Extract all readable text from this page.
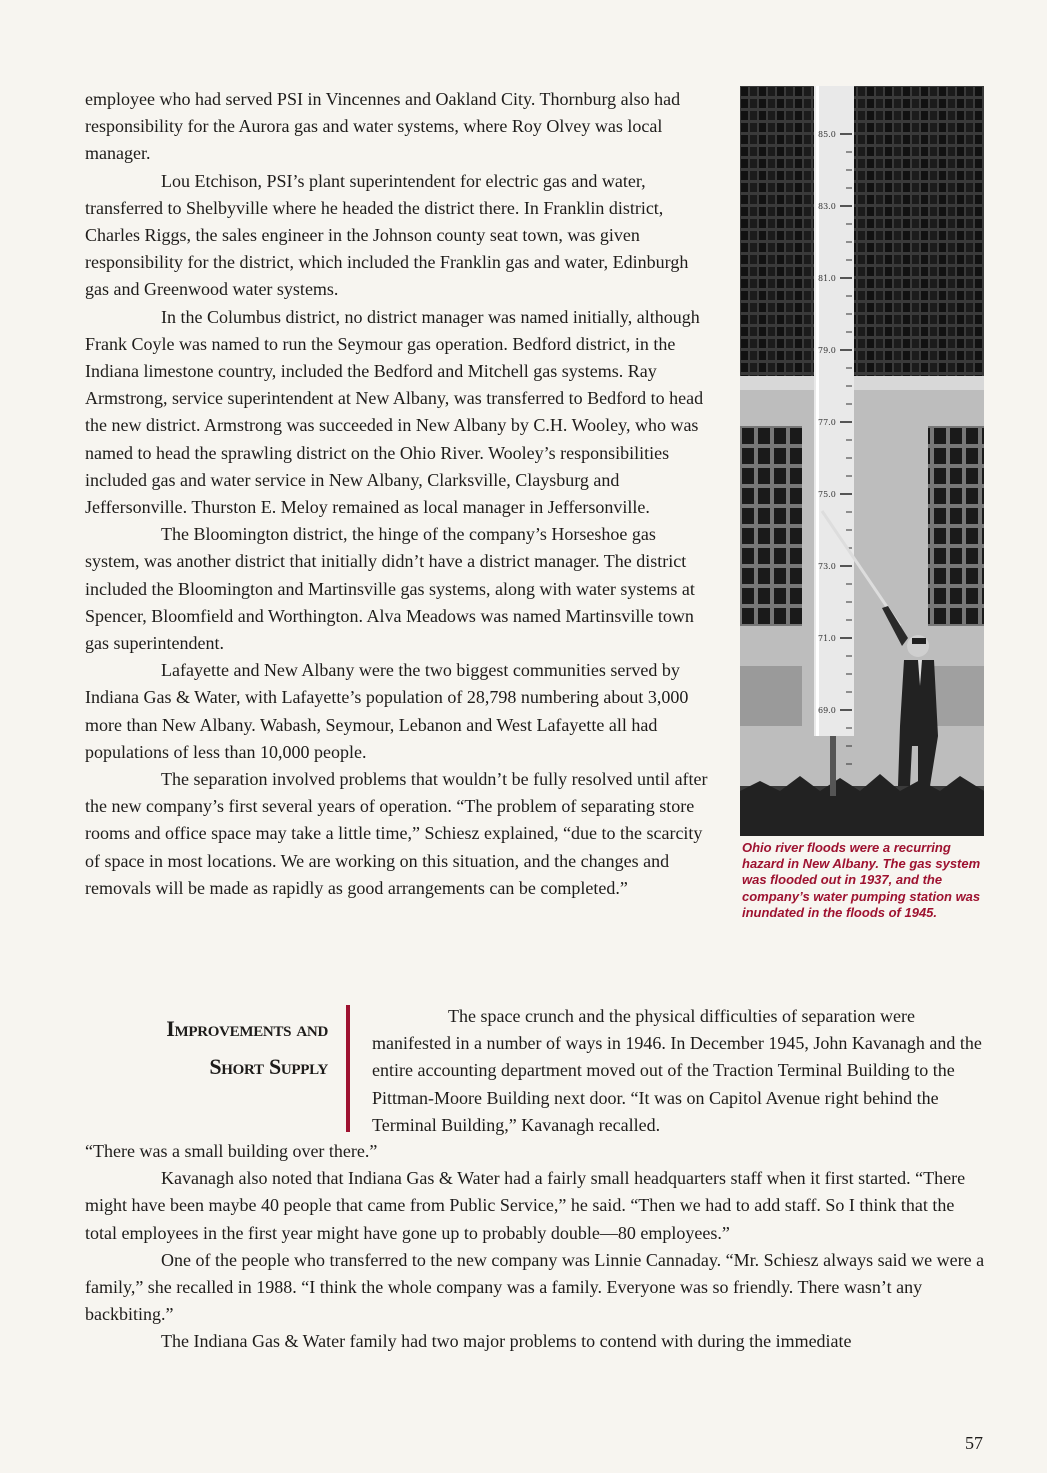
employee who had served PSI in Vincennes and Oakland City. Thornburg also had responsibility for the Aurora gas and water systems, where Roy Olvey was local manager.

Lou Etchison, PSI’s plant superintendent for electric gas and water, transferred to Shelbyville where he headed the district there. In Franklin district, Charles Riggs, the sales engineer in the Johnson county seat town, was given responsibility for the district, which included the Franklin gas and water, Edinburgh gas and Greenwood water systems.

In the Columbus district, no district manager was named initially, although Frank Coyle was named to run the Seymour gas operation. Bedford district, in the Indiana limestone country, included the Bedford and Mitchell gas systems. Ray Armstrong, service superintendent at New Albany, was transferred to Bedford to head the new district. Armstrong was succeeded in New Albany by C.H. Wooley, who was named to head the sprawling district on the Ohio River. Wooley’s responsibilities included gas and water service in New Albany, Clarksville, Claysburg and Jeffersonville. Thurston E. Meloy remained as local manager in Jeffersonville.

The Bloomington district, the hinge of the company’s Horseshoe gas system, was another district that initially didn’t have a district manager. The district included the Bloomington and Martinsville gas systems, along with water systems at Spencer, Bloomfield and Worthington. Alva Meadows was named Martinsville town gas superintendent.

Lafayette and New Albany were the two biggest communities served by Indiana Gas & Water, with Lafayette’s population of 28,798 numbering about 3,000 more than New Albany. Wabash, Seymour, Lebanon and West Lafayette all had populations of less than 10,000 people.

The separation involved problems that wouldn’t be fully resolved until after the new company’s first several years of operation. “The problem of separating store rooms and office space may take a little time,” Schiesz explained, “due to the scarcity of space in most locations. We are working on this situation, and the changes and removals will be made as rapidly as good arrangements can be completed.”

85.0
83.0
81.0
79.0
77.0
75.0
73.0
71.0
69.0

Ohio river floods were a recurring hazard in New Albany. The gas system was flooded out in 1937, and the company’s water pumping station was inundated in the floods of 1945.

Improvements and
Short Supply

The space crunch and the physical difficulties of separation were manifested in a number of ways in 1946. In December 1945, John Kavanagh and the entire accounting department moved out of the Traction Terminal Building to the Pittman-Moore Building next door. “It was on Capitol Avenue right behind the Terminal Building,” Kavanagh recalled.

“There was a small building over there.”

Kavanagh also noted that Indiana Gas & Water had a fairly small headquarters staff when it first started. “There might have been maybe 40 people that came from Public Service,” he said. “Then we had to add staff. So I think that the total employees in the first year might have gone up to probably double—80 employees.”

One of the people who transferred to the new company was Linnie Cannaday. “Mr. Schiesz always said we were a family,” she recalled in 1988. “I think the whole company was a family. Everyone was so friendly. There wasn’t any backbiting.”

The Indiana Gas & Water family had two major problems to contend with during the immediate

57
